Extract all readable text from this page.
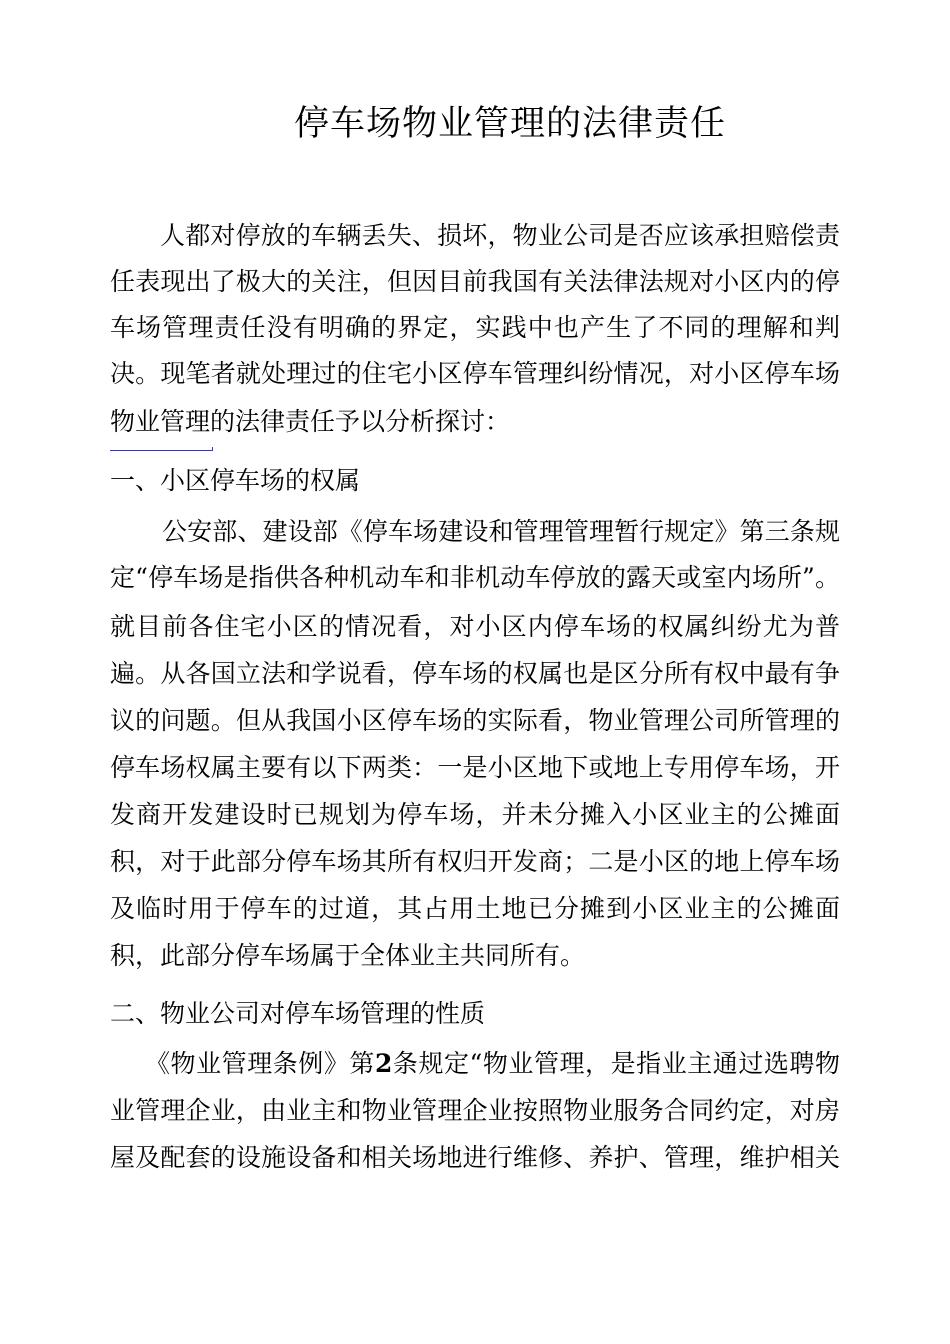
停车场物业管理的法律责任
人都对停放的车辆丢失、损坏，物业公司是否应该承担赔偿责
任表现出了极大的关注，但因目前我国有关法律法规对小区内的停
车场管理责任没有明确的界定，实践中也产生了不同的理解和判
决。现笔者就处理过的住宅小区停车管理纠纷情况，对小区停车场
物业管理的法律责任予以分析探讨：
一、小区停车场的权属
公安部、建设部《停车场建设和管理管理暂行规定》第三条规
定“停车场是指供各种机动车和非机动车停放的露天或室内场所”。
就目前各住宅小区的情况看，对小区内停车场的权属纠纷尤为普
遍。从各国立法和学说看，停车场的权属也是区分所有权中最有争
议的问题。但从我国小区停车场的实际看，物业管理公司所管理的
停车场权属主要有以下两类：一是小区地下或地上专用停车场，开
发商开发建设时已规划为停车场，并未分摊入小区业主的公摊面
积，对于此部分停车场其所有权归开发商；二是小区的地上停车场
及临时用于停车的过道，其占用土地已分摊到小区业主的公摊面
积，此部分停车场属于全体业主共同所有。
二、物业公司对停车场管理的性质
《物业管理条例》第2条规定“物业管理，是指业主通过选聘物
业管理企业，由业主和物业管理企业按照物业服务合同约定，对房
屋及配套的设施设备和相关场地进行维修、养护、管理，维护相关
